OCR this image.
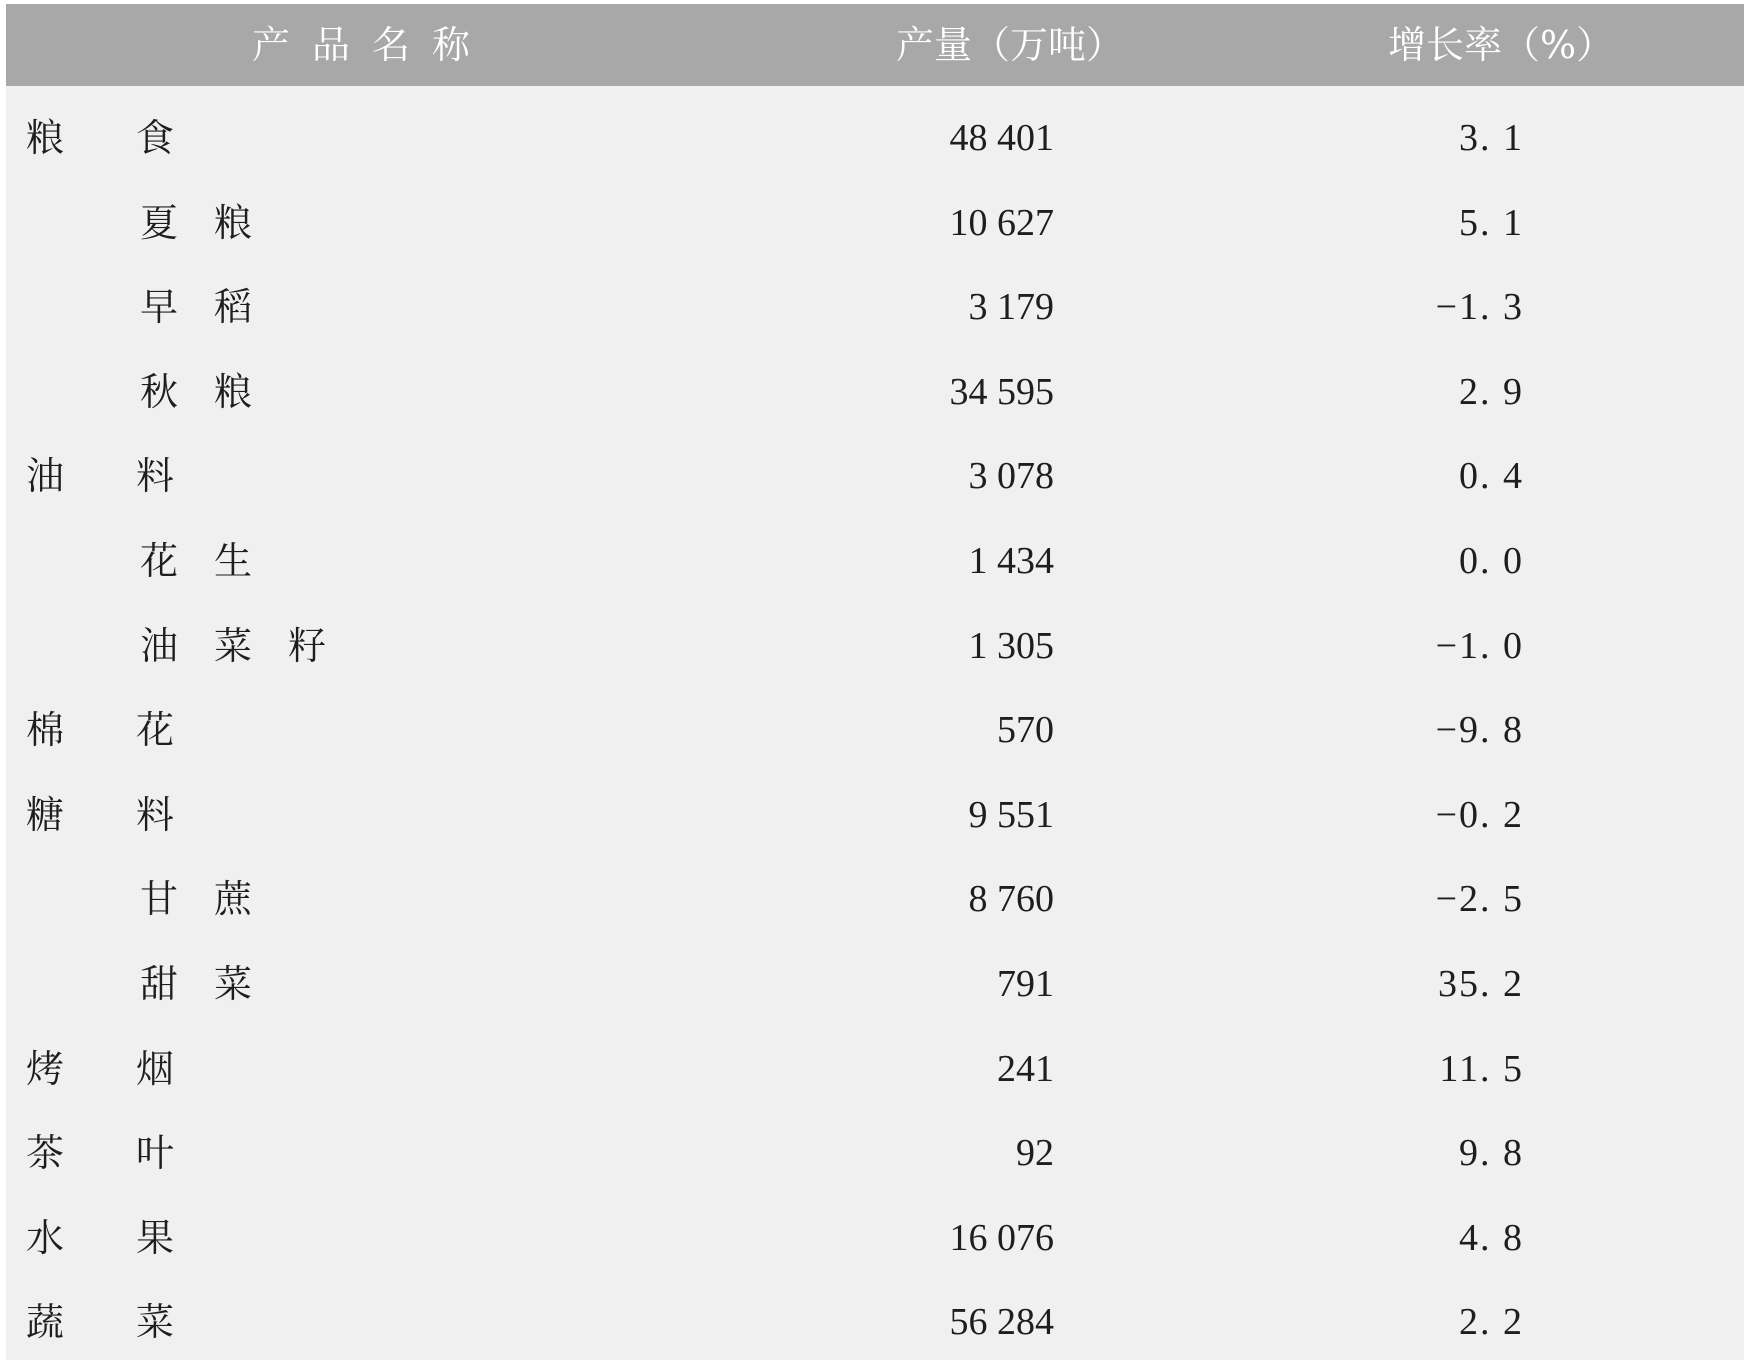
产品名称	产量（万吨）	增长率（%）
粮食	48 401	3. 1
夏粮	10 627	5. 1
早稻	3 179	−1. 3
秋粮	34 595	2. 9
油料	3 078	0. 4
花生	1 434	0. 0
油菜籽	1 305	−1. 0
棉花	570	−9. 8
糖料	9 551	−0. 2
甘蔗	8 760	−2. 5
甜菜	791	35. 2
烤烟	241	11. 5
茶叶	92	9. 8
水果	16 076	4. 8
蔬菜	56 284	2. 2
